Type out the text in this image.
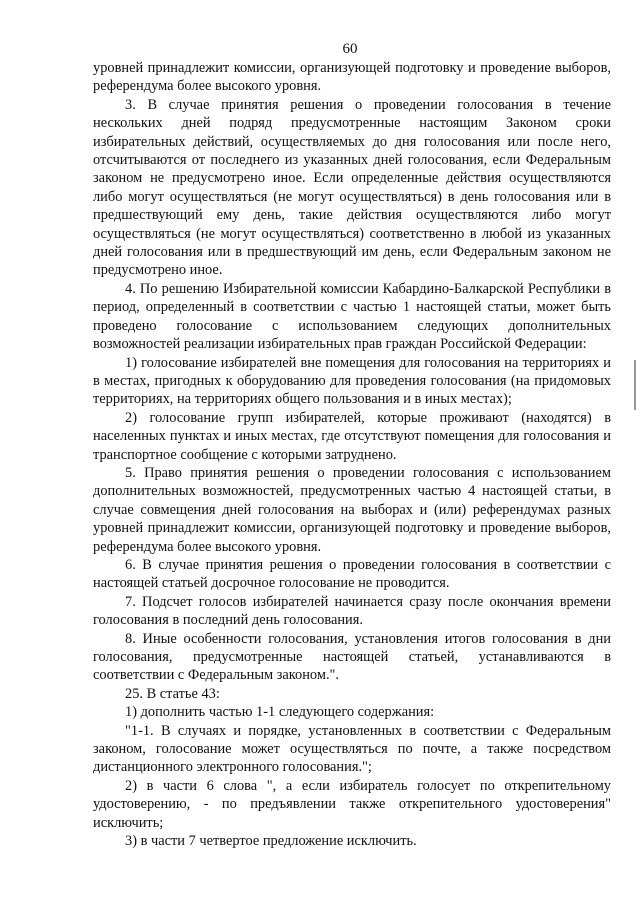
60

уровней принадлежит комиссии, организующей подготовку и проведение выборов, референдума более высокого уровня.

3. В случае принятия решения о проведении голосования в течение нескольких дней подряд предусмотренные настоящим Законом сроки избирательных действий, осуществляемых до дня голосования или после него, отсчитываются от последнего из указанных дней голосования, если Федеральным законом не предусмотрено иное. Если определенные действия осуществляются либо могут осуществляться (не могут осуществляться) в день голосования или в предшествующий ему день, такие действия осуществляются либо могут осуществляться (не могут осуществляться) соответственно в любой из указанных дней голосования или в предшествующий им день, если Федеральным законом не предусмотрено иное.

4. По решению Избирательной комиссии Кабардино-Балкарской Республики в период, определенный в соответствии с частью 1 настоящей статьи, может быть проведено голосование с использованием следующих дополнительных возможностей реализации избирательных прав граждан Российской Федерации:

1) голосование избирателей вне помещения для голосования на территориях и в местах, пригодных к оборудованию для проведения голосования (на придомовых территориях, на территориях общего пользования и в иных местах);

2) голосование групп избирателей, которые проживают (находятся) в населенных пунктах и иных местах, где отсутствуют помещения для голосования и транспортное сообщение с которыми затруднено.

5. Право принятия решения о проведении голосования с использованием дополнительных возможностей, предусмотренных частью 4 настоящей статьи, в случае совмещения дней голосования на выборах и (или) референдумах разных уровней принадлежит комиссии, организующей подготовку и проведение выборов, референдума более высокого уровня.

6. В случае принятия решения о проведении голосования в соответствии с настоящей статьей досрочное голосование не проводится.

7. Подсчет голосов избирателей начинается сразу после окончания времени голосования в последний день голосования.

8. Иные особенности голосования, установления итогов голосования в дни голосования, предусмотренные настоящей статьей, устанавливаются в соответствии с Федеральным законом.".

25. В статье 43:

1) дополнить частью 1-1 следующего содержания:

"1-1. В случаях и порядке, установленных в соответствии с Федеральным законом, голосование может осуществляться по почте, а также посредством дистанционного электронного голосования.";

2) в части 6 слова ", а если избиратель голосует по открепительному удостоверению, - по предъявлении также открепительного удостоверения" исключить;

3) в части 7 четвертое предложение исключить.
